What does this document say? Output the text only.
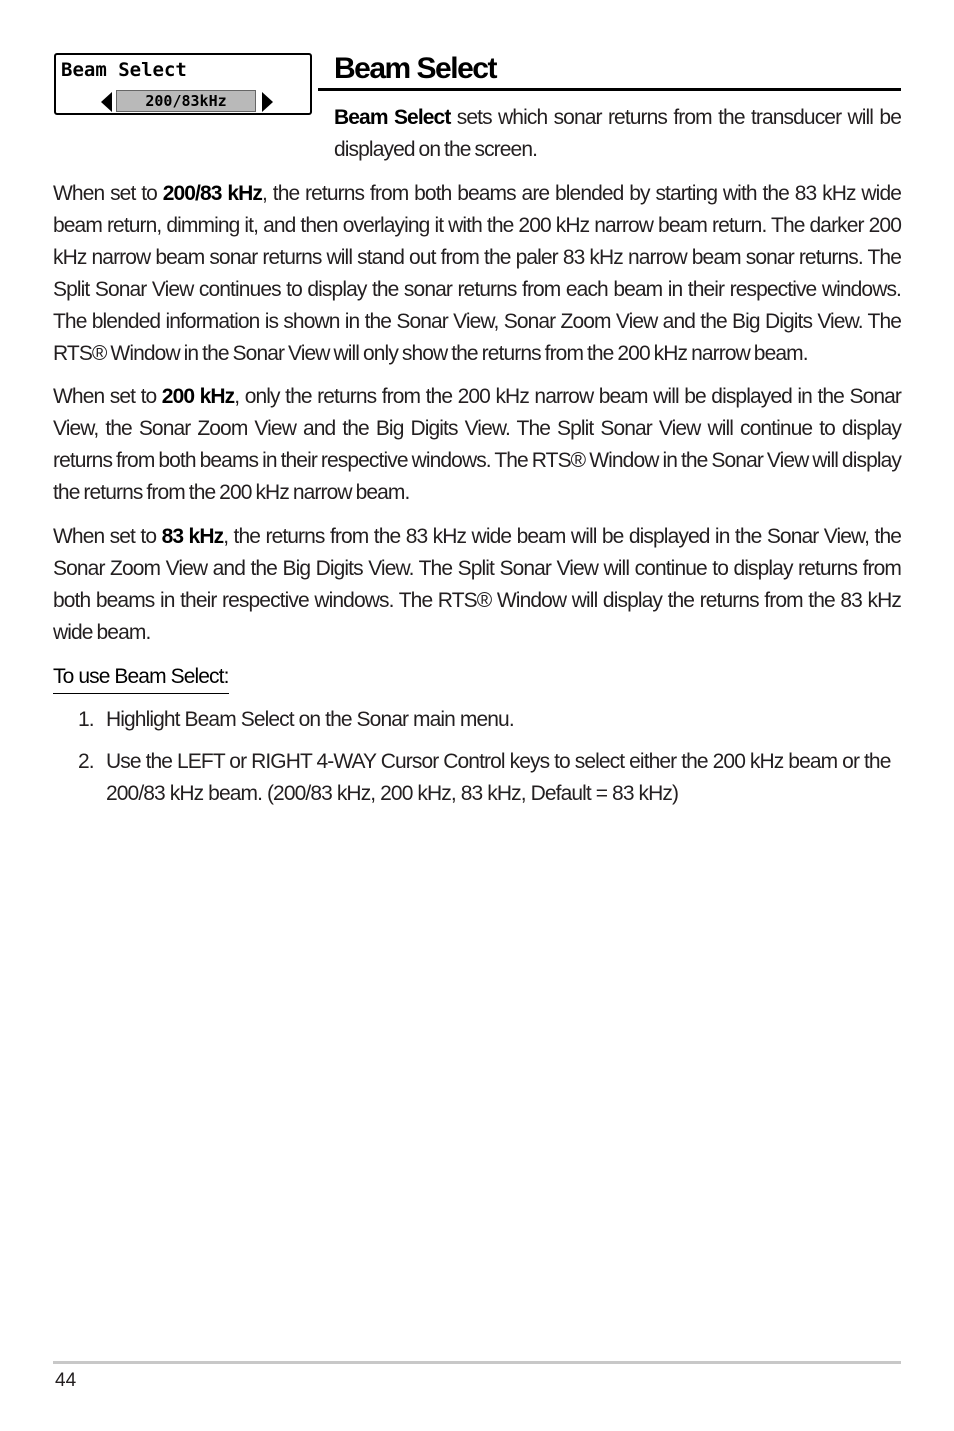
Beam Select
200/83kHz
Beam Select
Beam Select sets which sonar returns from the transducer will be displayed on the screen.
When set to 200/83 kHz, the returns from both beams are blended by starting with the 83 kHz wide beam return, dimming it, and then overlaying it with the 200 kHz narrow beam return. The darker 200 kHz narrow beam sonar returns will stand out from the paler 83 kHz narrow beam sonar returns. The Split Sonar View continues to display the sonar returns from each beam in their respective windows. The blended information is shown in the Sonar View, Sonar Zoom View and the Big Digits View. The RTS® Window in the Sonar View will only show the returns from the 200 kHz narrow beam.
When set to 200 kHz, only the returns from the 200 kHz narrow beam will be displayed in the Sonar View, the Sonar Zoom View and the Big Digits View. The Split Sonar View will continue to display returns from both beams in their respective windows. The RTS® Window in the Sonar View will display the returns from the 200 kHz narrow beam.
When set to 83 kHz, the returns from the 83 kHz wide beam will be displayed in the Sonar View, the Sonar Zoom View and the Big Digits View. The Split Sonar View will continue to display returns from both beams in their respective windows. The RTS® Window will display the returns from the 83 kHz wide beam.
To use Beam Select:
1. Highlight Beam Select on the Sonar main menu.
2. Use the LEFT or RIGHT 4-WAY Cursor Control keys to select either the 200 kHz beam or the 200/83 kHz beam. (200/83 kHz, 200 kHz, 83 kHz, Default = 83 kHz)
44
